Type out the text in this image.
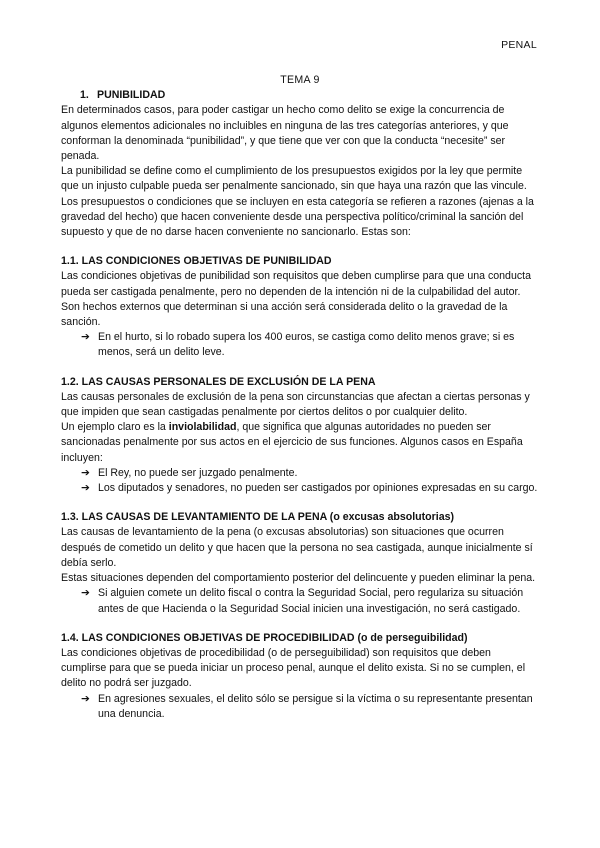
PENAL
TEMA 9
1. PUNIBILIDAD

En determinados casos, para poder castigar un hecho como delito se exige la concurrencia de algunos elementos adicionales no incluibles en ninguna de las tres categorías anteriores, y que conforman la denominada “punibilidad”, y que tiene que ver con que la conducta “necesite” ser penada.

La punibilidad se define como el cumplimiento de los presupuestos exigidos por la ley que permite que un injusto culpable pueda ser penalmente sancionado, sin que haya una razón que las vincule.

Los presupuestos o condiciones que se incluyen en esta categoría se refieren a razones (ajenas a la gravedad del hecho) que hacen conveniente desde una perspectiva político/criminal la sanción del supuesto y que de no darse hacen conveniente no sancionarlo. Estas son:

1.1. LAS CONDICIONES OBJETIVAS DE PUNIBILIDAD

Las condiciones objetivas de punibilidad son requisitos que deben cumplirse para que una conducta pueda ser castigada penalmente, pero no dependen de la intención ni de la culpabilidad del autor. Son hechos externos que determinan si una acción será considerada delito o la gravedad de la sanción.

➔ En el hurto, si lo robado supera los 400 euros, se castiga como delito menos grave; si es menos, será un delito leve.
1.2. LAS CAUSAS PERSONALES DE EXCLUSIÓN DE LA PENA

Las causas personales de exclusión de la pena son circunstancias que afectan a ciertas personas y que impiden que sean castigadas penalmente por ciertos delitos o por cualquier delito.

Un ejemplo claro es la inviolabilidad, que significa que algunas autoridades no pueden ser sancionadas penalmente por sus actos en el ejercicio de sus funciones. Algunos casos en España incluyen:

➔ El Rey, no puede ser juzgado penalmente.
➔ Los diputados y senadores, no pueden ser castigados por opiniones expresadas en su cargo.
1.3. LAS CAUSAS DE LEVANTAMIENTO DE LA PENA (o excusas absolutorias)

Las causas de levantamiento de la pena (o excusas absolutorias) son situaciones que ocurren después de cometido un delito y que hacen que la persona no sea castigada, aunque inicialmente sí debía serlo.

Estas situaciones dependen del comportamiento posterior del delincuente y pueden eliminar la pena.

➔ Si alguien comete un delito fiscal o contra la Seguridad Social, pero regulariza su situación antes de que Hacienda o la Seguridad Social inicien una investigación, no será castigado.
1.4. LAS CONDICIONES OBJETIVAS DE PROCEDIBILIDAD (o de perseguibilidad)

Las condiciones objetivas de procedibilidad (o de perseguibilidad) son requisitos que deben cumplirse para que se pueda iniciar un proceso penal, aunque el delito exista. Si no se cumplen, el delito no podrá ser juzgado.

➔ En agresiones sexuales, el delito sólo se persigue si la víctima o su representante presentan una denuncia.
